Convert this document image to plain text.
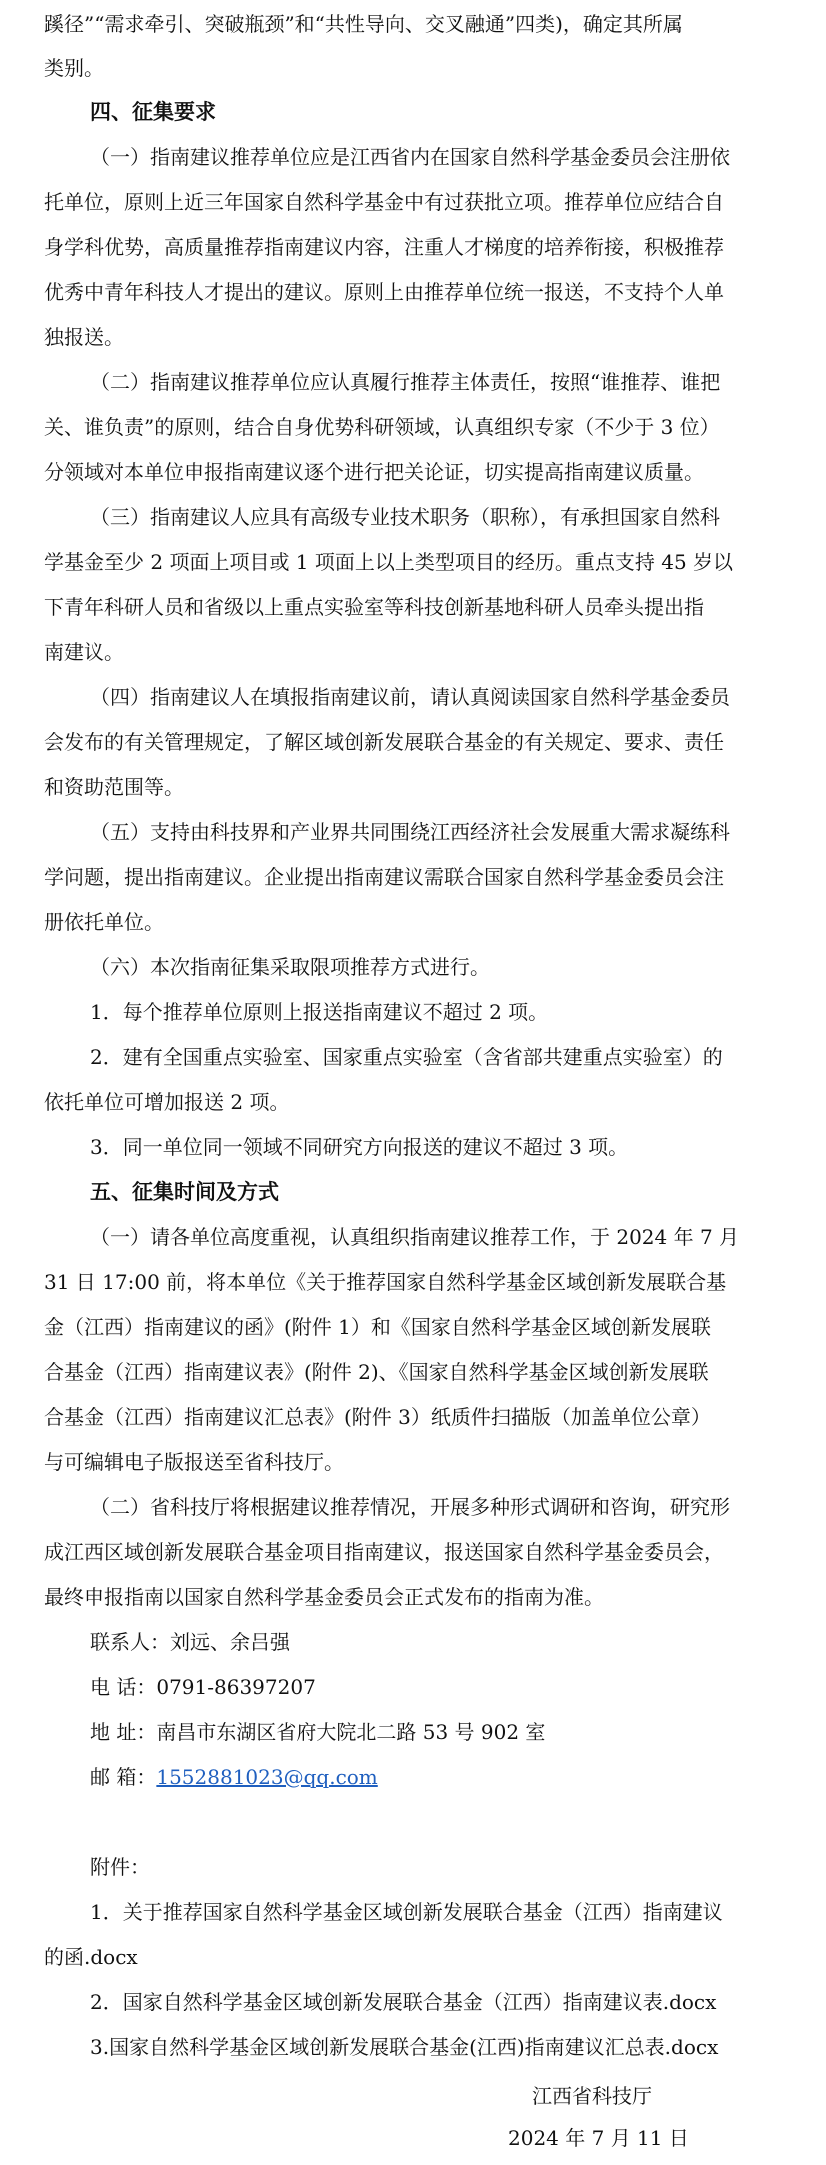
蹊径”“需求牵引、突破瓶颈”和“共性导向、交叉融通”四类)，确定其所属
类别。
四、征集要求
（一）指南建议推荐单位应是江西省内在国家自然科学基金委员会注册依
托单位，原则上近三年国家自然科学基金中有过获批立项。推荐单位应结合自
身学科优势，高质量推荐指南建议内容，注重人才梯度的培养衔接，积极推荐
优秀中青年科技人才提出的建议。原则上由推荐单位统一报送，不支持个人单
独报送。
（二）指南建议推荐单位应认真履行推荐主体责任，按照“谁推荐、谁把
关、谁负责”的原则，结合自身优势科研领域，认真组织专家（不少于 3 位）
分领域对本单位申报指南建议逐个进行把关论证，切实提高指南建议质量。
（三）指南建议人应具有高级专业技术职务（职称），有承担国家自然科
学基金至少 2 项面上项目或 1 项面上以上类型项目的经历。重点支持 45 岁以
下青年科研人员和省级以上重点实验室等科技创新基地科研人员牵头提出指
南建议。
（四）指南建议人在填报指南建议前，请认真阅读国家自然科学基金委员
会发布的有关管理规定，了解区域创新发展联合基金的有关规定、要求、责任
和资助范围等。
（五）支持由科技界和产业界共同围绕江西经济社会发展重大需求凝练科
学问题，提出指南建议。企业提出指南建议需联合国家自然科学基金委员会注
册依托单位。
（六）本次指南征集采取限项推荐方式进行。
1．每个推荐单位原则上报送指南建议不超过 2 项。
2．建有全国重点实验室、国家重点实验室（含省部共建重点实验室）的
依托单位可增加报送 2 项。
3．同一单位同一领域不同研究方向报送的建议不超过 3 项。
五、征集时间及方式
（一）请各单位高度重视，认真组织指南建议推荐工作，于 2024 年 7 月
31 日 17:00 前，将本单位《关于推荐国家自然科学基金区域创新发展联合基
金（江西）指南建议的函》(附件 1）和《国家自然科学基金区域创新发展联
合基金（江西）指南建议表》(附件 2)、《国家自然科学基金区域创新发展联
合基金（江西）指南建议汇总表》(附件 3）纸质件扫描版（加盖单位公章）
与可编辑电子版报送至省科技厅。
（二）省科技厅将根据建议推荐情况，开展多种形式调研和咨询，研究形
成江西区域创新发展联合基金项目指南建议，报送国家自然科学基金委员会，
最终申报指南以国家自然科学基金委员会正式发布的指南为准。
联系人：刘远、余吕强
电 话：0791-86397207
地 址：南昌市东湖区省府大院北二路 53 号 902 室
邮 箱：1552881023@qq.com
附件：
1．关于推荐国家自然科学基金区域创新发展联合基金（江西）指南建议
的函.docx
2．国家自然科学基金区域创新发展联合基金（江西）指南建议表.docx
3.国家自然科学基金区域创新发展联合基金(江西)指南建议汇总表.docx
江西省科技厅
2024 年 7 月 11 日
